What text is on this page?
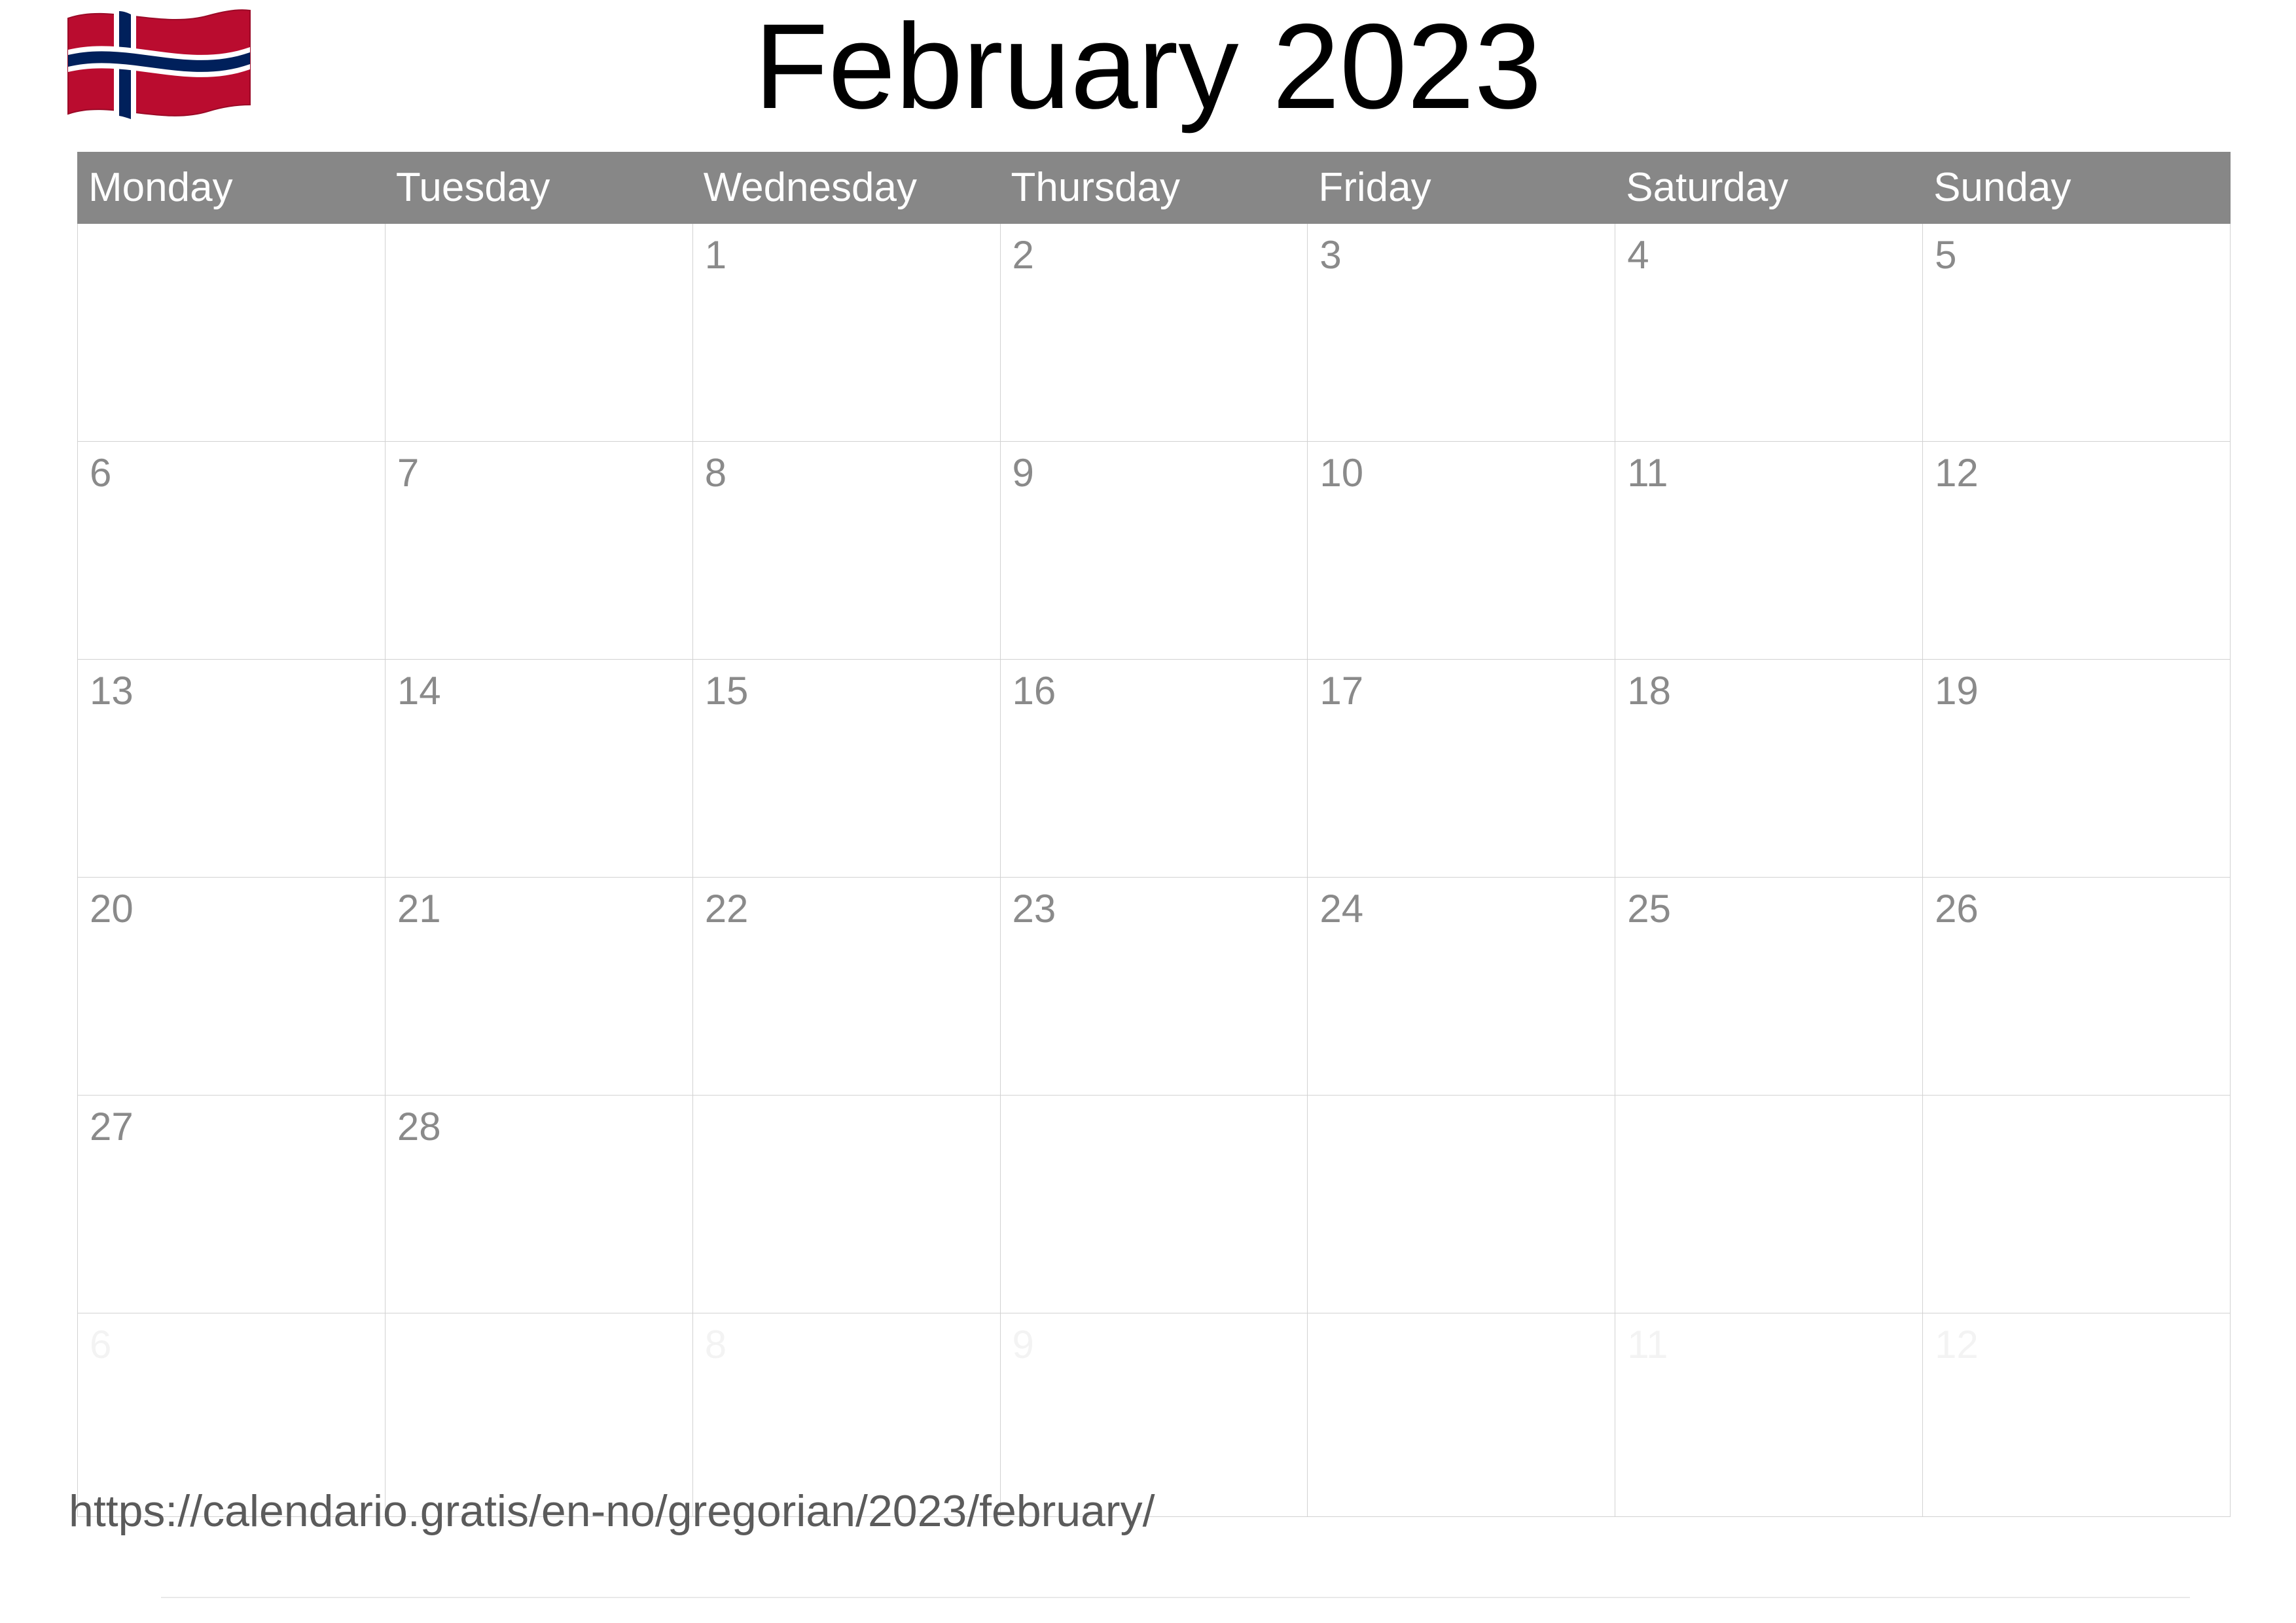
February 2023
Monday	Tuesday	Wednesday	Thursday	Friday	Saturday	Sunday

		1	2	3	4	5

6	7	8	9	10	11	12

13	14	15	16	17	18	19

20	21	22	23	24	25	26

27	28					

6		8	9		11	12
https://calendario.gratis/en-no/gregorian/2023/february/
